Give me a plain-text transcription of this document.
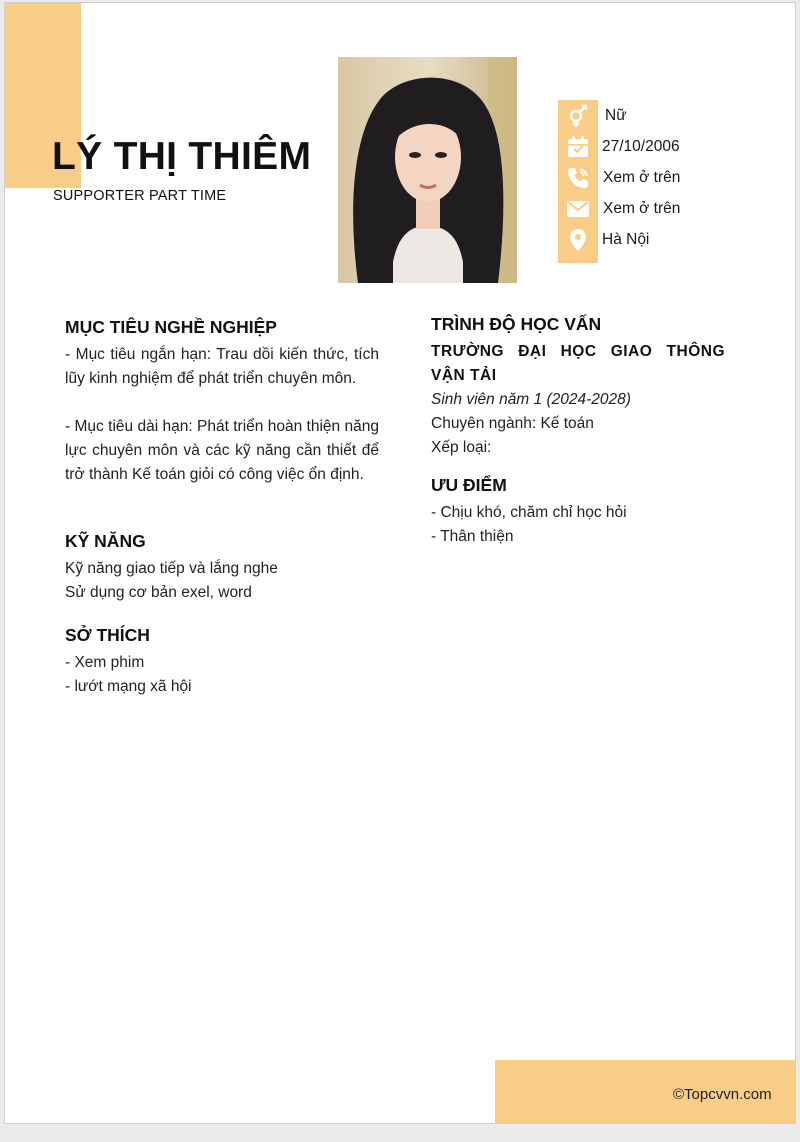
LÝ THỊ THIÊM
SUPPORTER PART TIME
Nữ
27/10/2006
Xem ở trên
Xem ở trên
Hà Nội
MỤC TIÊU NGHỀ NGHIỆP
- Mục tiêu ngắn hạn: Trau dồi kiến thức, tích lũy kinh nghiệm để phát triển chuyên môn.
- Mục tiêu dài hạn: Phát triển hoàn thiện năng lực chuyên môn và các kỹ năng cần thiết để trở thành Kế toán giỏi có công việc ổn định.
KỸ NĂNG
Kỹ năng giao tiếp và lắng nghe
Sử dụng cơ bản exel, word
SỞ THÍCH
- Xem phim
- lướt mạng xã hội
TRÌNH ĐỘ HỌC VẤN
TRƯỜNG ĐẠI HỌC GIAO THÔNG VẬN TẢI
Sinh viên năm 1 (2024-2028)
Chuyên ngành: Kế toán
Xếp loại:
ƯU ĐIỂM
- Chịu khó, chăm chỉ học hỏi
- Thân thiện
©Topcvvn.com
